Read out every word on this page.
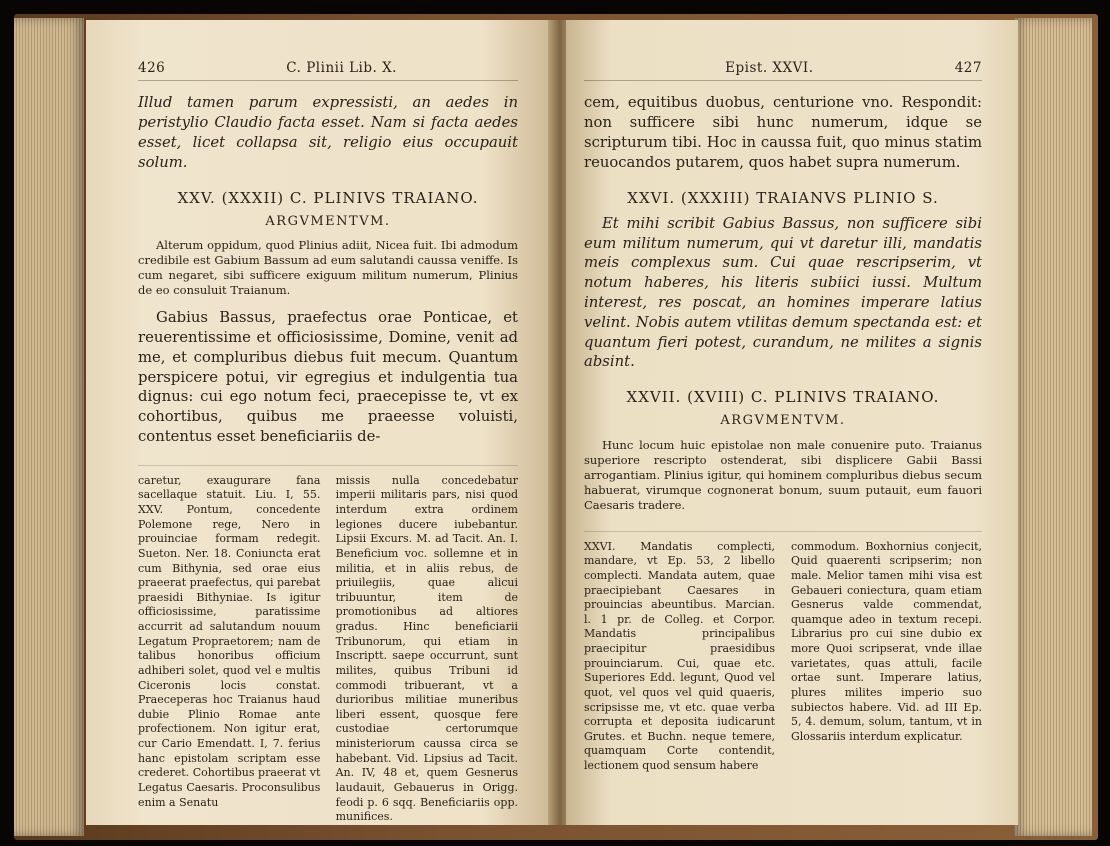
426	C. Plinii Lib. X.

Illud tamen parum expressisti, an aedes in peristylio Claudio facta esset. Nam si facta aedes esset, licet collapsa sit, religio eius occupauit solum.

XXV. (XXXII) C. PLINIVS TRAIANO.
ARGVMENTVM.

Alterum oppidum, quod Plinius adiit, Nicea fuit. Ibi admodum credibile est Gabium Bassum ad eum salutandi caussa veniffe. Is cum negaret, sibi sufficere exiguum militum numerum, Plinius de eo consuluit Traianum.

Gabius Bassus, praefectus orae Ponticae, et reuerentissime et officiosissime, Domine, venit ad me, et compluribus diebus fuit mecum. Quantum perspicere potui, vir egregius et indulgentia tua dignus: cui ego notum feci, praecepisse te, vt ex cohortibus, quibus me praeesse voluisti, contentus esset beneficiariis de-

caretur, exaugurare fana sacellaque statuit. Liu. I, 55. XXV. Pontum, concedente Polemone rege, Nero in prouinciae formam redegit. Sueton. Ner. 18. Coniuncta erat cum Bithynia, sed orae eius praeerat praefectus, qui parebat praesidi Bithyniae. Is igitur officiosissime, paratissime accurrit ad salutandum nouum Legatum Propraetorem; nam de talibus honoribus officium adhiberi solet, quod vel e multis Ciceronis locis constat. Praeceperas hoc Traianus haud dubie Plinio Romae ante profectionem. Non igitur erat, cur Cario Emendatt. I, 7. ferius hanc epistolam scriptam esse crederet. Cohortibus praeerat vt Legatus Caesaris. Proconsulibus enim a Senatu
missis nulla concedebatur imperii militaris pars, nisi quod interdum extra ordinem legiones ducere iubebantur. Lipsii Excurs. M. ad Tacit. An. I. Beneficium voc. sollemne et in militia, et in aliis rebus, de priuilegiis, quae alicui tribuuntur, item de promotionibus ad altiores gradus. Hinc beneficiarii Tribunorum, qui etiam in Inscriptt. saepe occurrunt, sunt milites, quibus Tribuni id commodi tribuerant, vt a durioribus militiae muneribus liberi essent, quosque fere custodiae certorumque ministeriorum caussa circa se habebant. Vid. Lipsius ad Tacit. An. IV, 48 et, quem Gesnerus laudauit, Gebauerus in Origg. feodi p. 6 sqq. Beneficiariis opp. munifices.
Epist. XXVI.	427

cem, equitibus duobus, centurione vno. Respondit: non sufficere sibi hunc numerum, idque se scripturum tibi. Hoc in caussa fuit, quo minus statim reuocandos putarem, quos habet supra numerum.

XXVI. (XXXIII) TRAIANVS PLINIO S.

Et mihi scribit Gabius Bassus, non sufficere sibi eum militum numerum, qui vt daretur illi, mandatis meis complexus sum. Cui quae rescripserim, vt notum haberes, his literis subiici iussi. Multum interest, res poscat, an homines imperare latius velint. Nobis autem vtilitas demum spectanda est: et quantum fieri potest, curandum, ne milites a signis absint.

XXVII. (XVIII) C. PLINIVS TRAIANO.
ARGVMENTVM.

Hunc locum huic epistolae non male conuenire puto. Traianus superiore rescripto ostenderat, sibi displicere Gabii Bassi arrogantiam. Plinius igitur, qui hominem compluribus diebus secum habuerat, virumque cognonerat bonum, suum putauit, eum fauori Caesaris tradere.

XXVI. Mandatis complecti, mandare, vt Ep. 53, 2 libello complecti. Mandata autem, quae praecipiebant Caesares in prouincias abeuntibus. Marcian. l. 1 pr. de Colleg. et Corpor. Mandatis principalibus praecipitur praesidibus prouinciarum. Cui, quae etc. Superiores Edd. legunt, Quod vel quot, vel quos vel quid quaeris, scripsisse me, vt etc. quae verba corrupta et deposita iudicarunt Grutes. et Buchn. neque temere, quamquam Corte contendit, lectionem quod sensum habere
commodum. Boxhornius conjecit, Quid quaerenti scripserim; non male. Melior tamen mihi visa est Gebaueri coniectura, quam etiam Gesnerus valde commendat, quamque adeo in textum recepi. Librarius pro cui sine dubio ex more Quoi scripserat, vnde illae varietates, quas attuli, facile ortae sunt. Imperare latius, plures milites imperio suo subiectos habere. Vid. ad III Ep. 5, 4. demum, solum, tantum, vt in Glossariis interdum explicatur.
